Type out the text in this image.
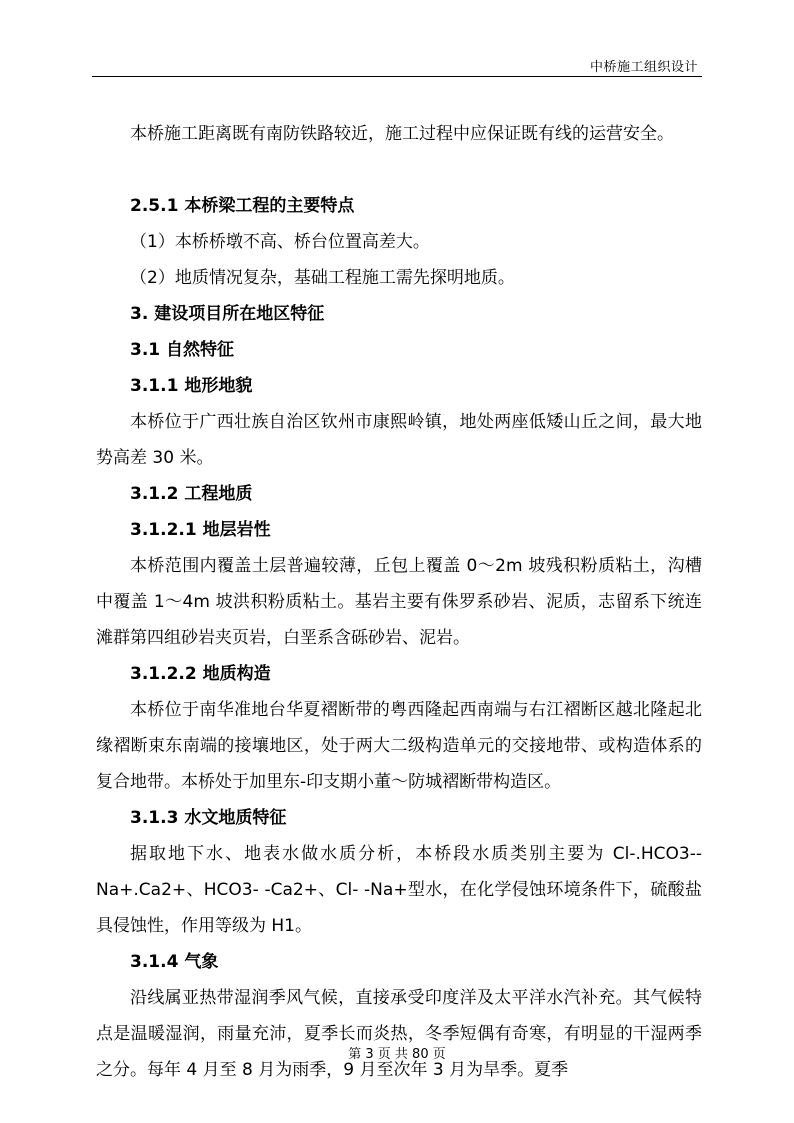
中桥施工组织设计

本桥施工距离既有南防铁路较近，施工过程中应保证既有线的运营安全。

2.5.1 本桥梁工程的主要特点

（1）本桥桥墩不高、桥台位置高差大。

（2）地质情况复杂，基础工程施工需先探明地质。

3. 建设项目所在地区特征

3.1 自然特征

3.1.1 地形地貌

本桥位于广西壮族自治区钦州市康熙岭镇，地处两座低矮山丘之间，最大地势高差 30 米。

3.1.2 工程地质

3.1.2.1 地层岩性

本桥范围内覆盖土层普遍较薄，丘包上覆盖 0～2m 坡残积粉质粘土，沟槽中覆盖 1～4m 坡洪积粉质粘土。基岩主要有侏罗系砂岩、泥质，志留系下统连滩群第四组砂岩夹页岩，白垩系含砾砂岩、泥岩。

3.1.2.2 地质构造

本桥位于南华准地台华夏褶断带的粤西隆起西南端与右江褶断区越北隆起北缘褶断束东南端的接壤地区，处于两大二级构造单元的交接地带、或构造体系的复合地带。本桥处于加里东-印支期小董～防城褶断带构造区。

3.1.3 水文地质特征

据取地下水、地表水做水质分析，本桥段水质类别主要为 Cl-.HCO3--Na+.Ca2+、HCO3- -Ca2+、Cl- -Na+型水，在化学侵蚀环境条件下，硫酸盐具侵蚀性，作用等级为 H1。

3.1.4 气象

沿线属亚热带湿润季风气候，直接承受印度洋及太平洋水汽补充。其气候特点是温暖湿润，雨量充沛，夏季长而炎热，冬季短偶有奇寒，有明显的干湿两季之分。每年 4 月至 8 月为雨季，9 月至次年 3 月为旱季。夏季

第 3 页 共 80 页
